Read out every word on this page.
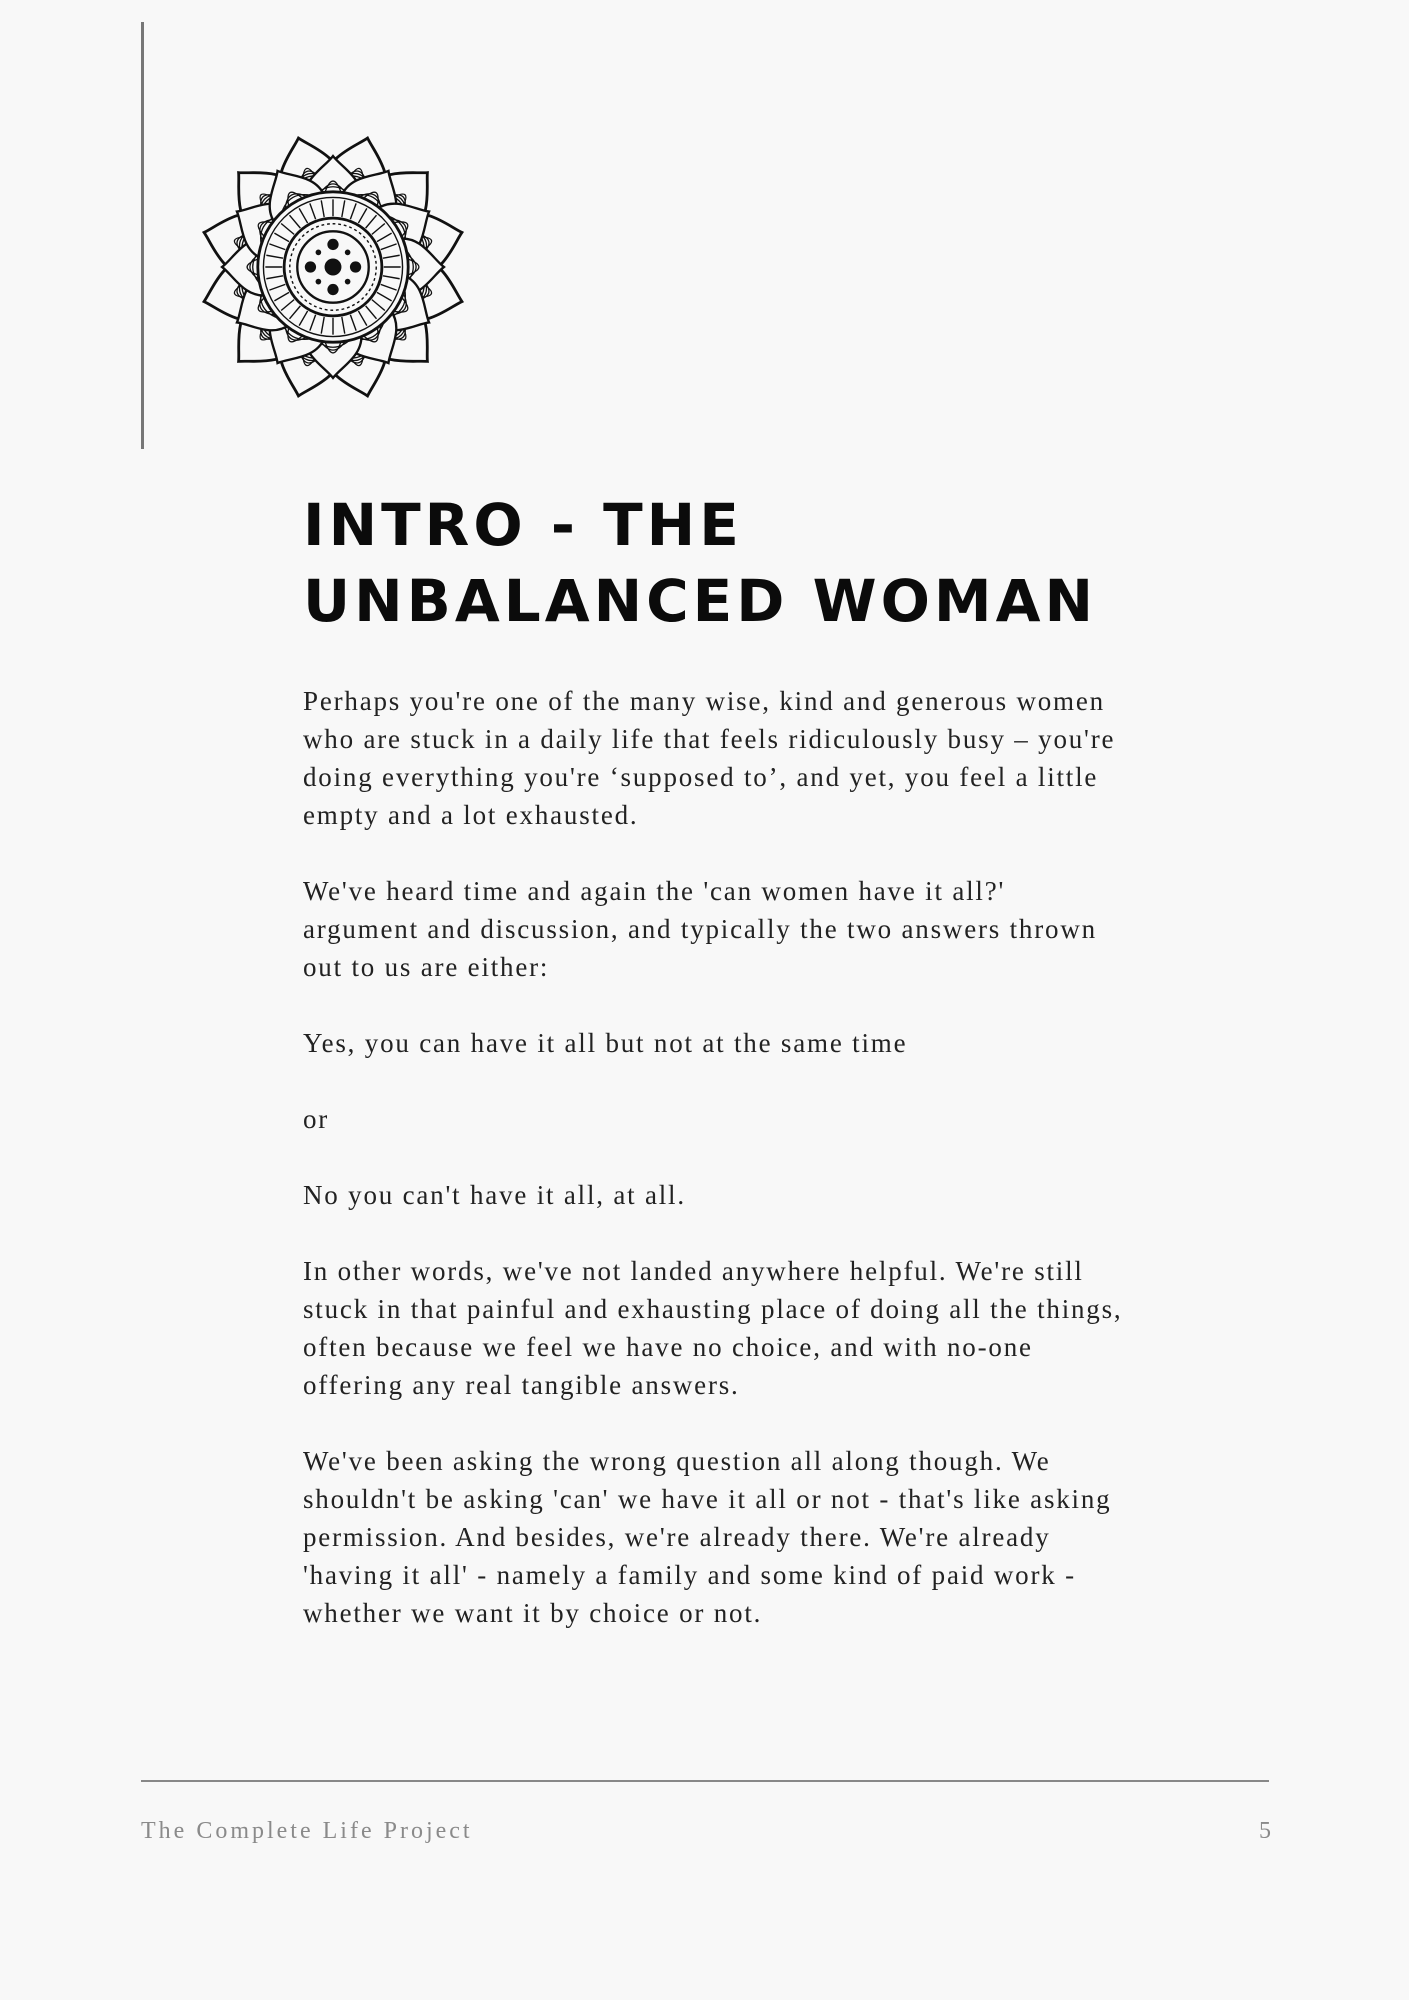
INTRO - THE
UNBALANCED WOMAN

Perhaps you're one of the many wise, kind and generous women who are stuck in a daily life that feels ridiculously busy – you're doing everything you're ‘supposed to’, and yet, you feel a little empty and a lot exhausted.

We've heard time and again the 'can women have it all?' argument and discussion, and typically the two answers thrown out to us are either:

Yes, you can have it all but not at the same time

or

No you can't have it all, at all.

In other words, we've not landed anywhere helpful. We're still stuck in that painful and exhausting place of doing all the things, often because we feel we have no choice, and with no-one offering any real tangible answers.

We've been asking the wrong question all along though. We shouldn't be asking 'can' we have it all or not - that's like asking permission. And besides, we're already there. We're already 'having it all' - namely a family and some kind of paid work - whether we want it by choice or not.

The Complete Life Project	5
